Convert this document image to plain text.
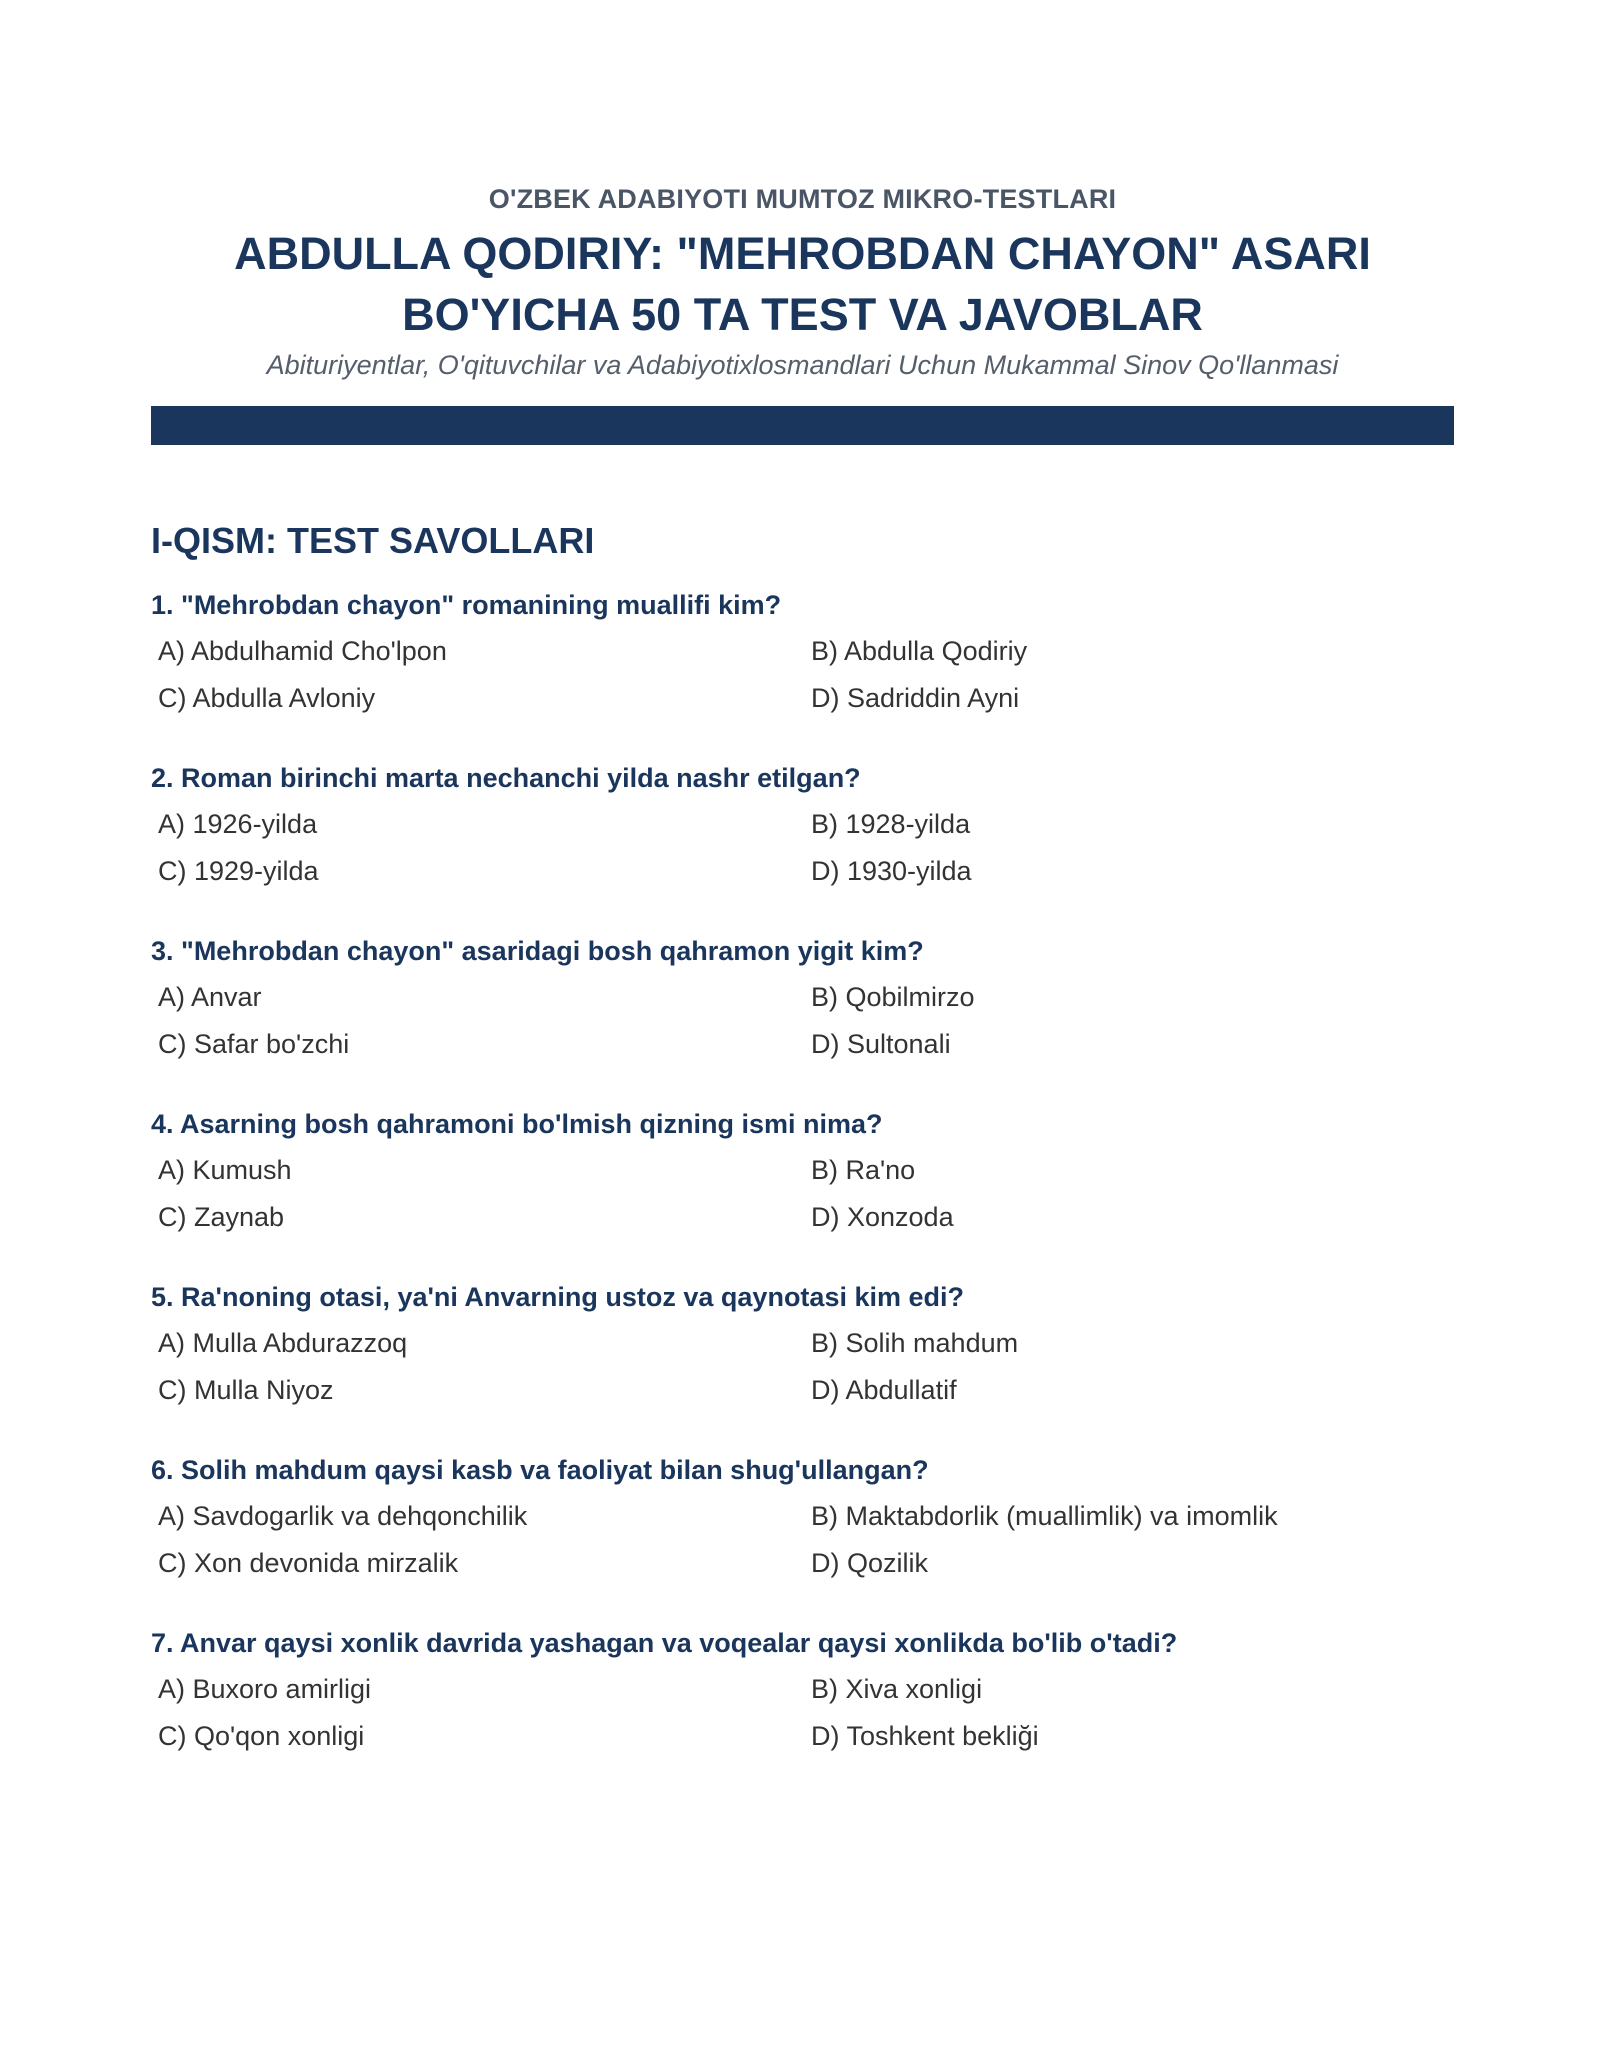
O'ZBEK ADABIYOTI MUMTOZ MIKRO-TESTLARI

ABDULLA QODIRIY: "MEHROBDAN CHAYON" ASARI
BO'YICHA 50 TA TEST VA JAVOBLAR

Abituriyentlar, O'qituvchilar va Adabiyotixlosmandlari Uchun Mukammal Sinov Qo'llanmasi

I-QISM: TEST SAVOLLARI

1. "Mehrobdan chayon" romanining muallifi kim?

A) Abdulhamid Cho'lpon	B) Abdulla Qodiriy
C) Abdulla Avloniy	D) Sadriddin Ayni

2. Roman birinchi marta nechanchi yilda nashr etilgan?

A) 1926-yilda	B) 1928-yilda
C) 1929-yilda	D) 1930-yilda

3. "Mehrobdan chayon" asaridagi bosh qahramon yigit kim?

A) Anvar	B) Qobilmirzo
C) Safar bo'zchi	D) Sultonali

4. Asarning bosh qahramoni bo'lmish qizning ismi nima?

A) Kumush	B) Ra'no
C) Zaynab	D) Xonzoda

5. Ra'noning otasi, ya'ni Anvarning ustoz va qaynotasi kim edi?

A) Mulla Abdurazzoq	B) Solih mahdum
C) Mulla Niyoz	D) Abdullatif

6. Solih mahdum qaysi kasb va faoliyat bilan shug'ullangan?

A) Savdogarlik va dehqonchilik	B) Maktabdorlik (muallimlik) va imomlik
C) Xon devonida mirzalik	D) Qozilik

7. Anvar qaysi xonlik davrida yashagan va voqealar qaysi xonlikda bo'lib o'tadi?

A) Buxoro amirligi	B) Xiva xonligi
C) Qo'qon xonligi	D) Toshkent bekliği
